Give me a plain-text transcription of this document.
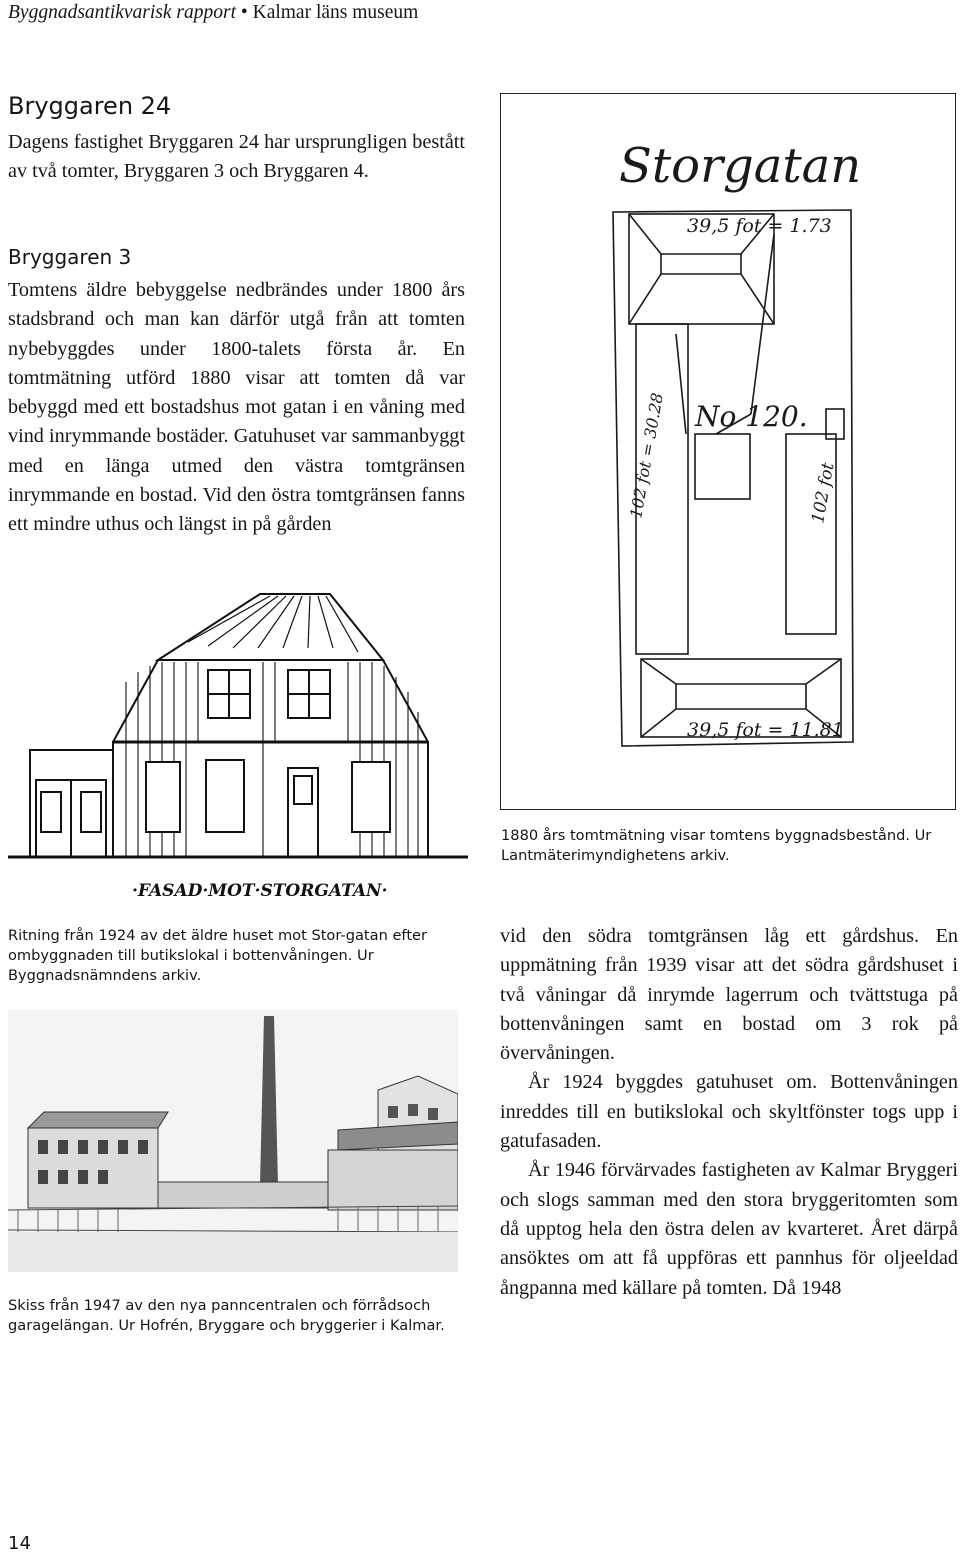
Byggnadsantikvarisk rapport • Kalmar läns museum
Bryggaren 24

Dagens fastighet Bryggaren 24 har ursprungligen bestått av två tomter, Bryggaren 3 och Bryggaren 4.

Bryggaren 3

Tomtens äldre bebyggelse nedbrändes under 1800 års stadsbrand och man kan därför utgå från att tomten nybebyggdes under 1800-talets första år. En tomtmätning utförd 1880 visar att tomten då var bebyggd med ett bostadshus mot gatan i en våning med vind inrymmande bostäder. Gatuhuset var sammanbyggt med en länga utmed den västra tomtgränsen inrymmande en bostad. Vid den östra tomtgränsen fanns ett mindre uthus och längst in på gården

Storgatan
39,5 fot = 1.73
No 120.
102 fot = 30.28	102 fot
39,5 fot = 11.81

1880 års tomtmätning visar tomtens byggnadsbestånd. Ur Lantmäterimyndighetens arkiv.

·FASAD·MOT·STORGATAN·

Ritning från 1924 av det äldre huset mot Stor-gatan efter ombyggnaden till butikslokal i bottenvåningen. Ur Byggnadsnämndens arkiv.

Skiss från 1947 av den nya panncentralen och förrådsoch garagelängan. Ur Hofrén, Bryggare och bryggerier i Kalmar.

vid den södra tomtgränsen låg ett gårdshus. En uppmätning från 1939 visar att det södra gårdshuset i två våningar då inrymde lagerrum och tvättstuga på bottenvåningen samt en bostad om 3 rok på övervåningen.

År 1924 byggdes gatuhuset om. Bottenvåningen inreddes till en butikslokal och skyltfönster togs upp i gatufasaden.

År 1946 förvärvades fastigheten av Kalmar Bryggeri och slogs samman med den stora bryggeritomten som då upptog hela den östra delen av kvarteret. Året därpå ansöktes om att få uppföras ett pannhus för oljeeldad ångpanna med källare på tomten. Då 1948

14
